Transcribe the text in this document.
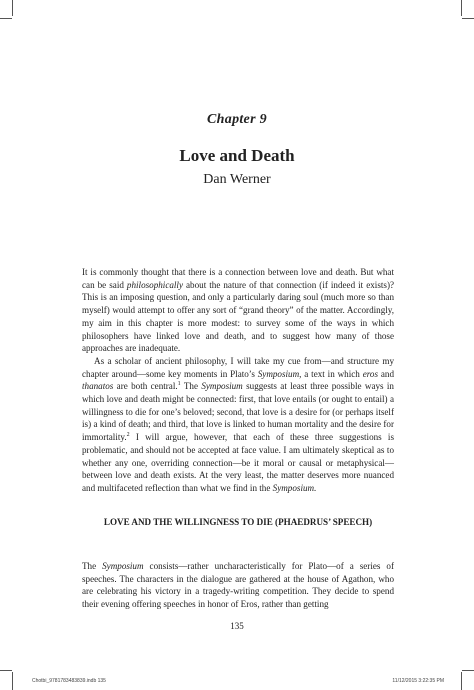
Chapter 9
Love and Death
Dan Werner

It is commonly thought that there is a connection between love and death. But what can be said philosophically about the nature of that connection (if indeed it exists)? This is an imposing question, and only a particularly daring soul (much more so than myself) would attempt to offer any sort of “grand theory” of the matter. Accordingly, my aim in this chapter is more modest: to survey some of the ways in which philosophers have linked love and death, and to suggest how many of those approaches are inadequate.

As a scholar of ancient philosophy, I will take my cue from—and structure my chapter around—some key moments in Plato’s Symposium, a text in which eros and thanatos are both central.$^1$ The Symposium suggests at least three possible ways in which love and death might be connected: first, that love entails (or ought to entail) a willingness to die for one’s beloved; second, that love is a desire for (or perhaps itself is) a kind of death; and third, that love is linked to human mortality and the desire for immortality.$^2$ I will argue, however, that each of these three suggestions is problematic, and should not be accepted at face value. I am ultimately skeptical as to whether any one, overriding connection—be it moral or causal or metaphysical—between love and death exists. At the very least, the matter deserves more nuanced and multifaceted reflection than what we find in the Symposium.

LOVE AND THE WILLINGNESS TO DIE (PHAEDRUS’ SPEECH)

The Symposium consists—rather uncharacteristically for Plato—of a series of speeches. The characters in the dialogue are gathered at the house of Agathon, who are celebrating his victory in a tragedy-writing competition. They decide to spend their evening offering speeches in honor of Eros, rather than getting

135
Chotbi_9781783483839.indb 135	11/12/2015 3:22:35 PM
